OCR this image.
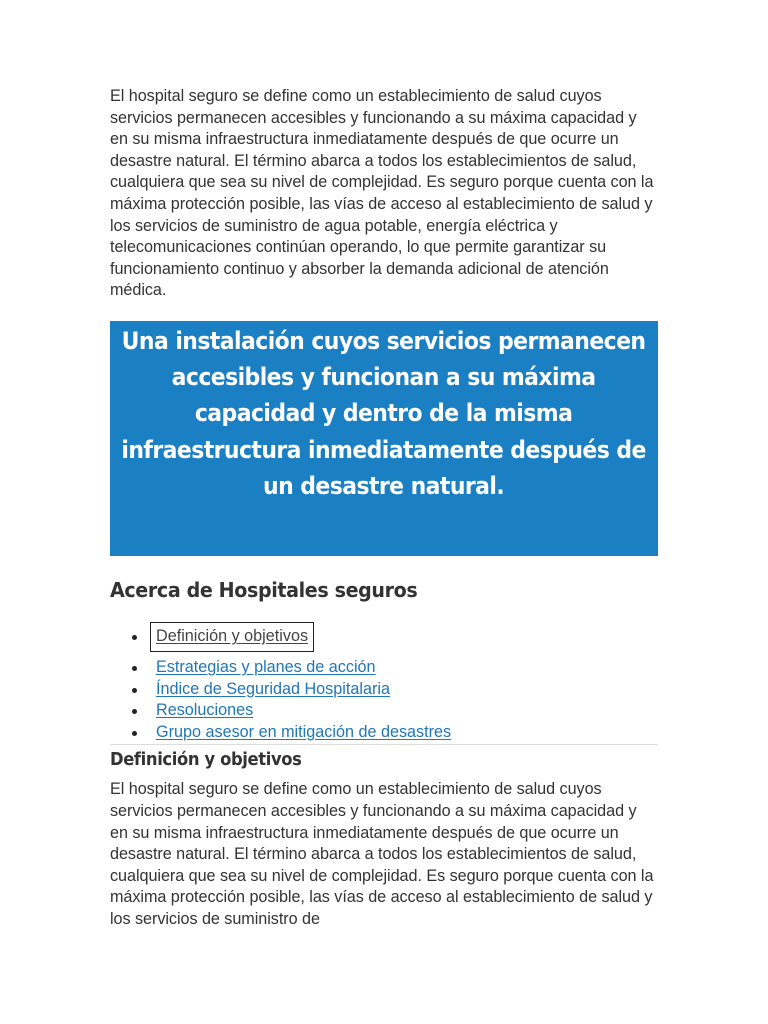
El hospital seguro se define como un establecimiento de salud cuyos servicios permanecen accesibles y funcionando a su máxima capacidad y en su misma infraestructura inmediatamente después de que ocurre un desastre natural. El término abarca a todos los establecimientos de salud, cualquiera que sea su nivel de complejidad. Es seguro porque cuenta con la máxima protección posible, las vías de acceso al establecimiento de salud y los servicios de suministro de agua potable, energía eléctrica y telecomunicaciones continúan operando, lo que permite garantizar su funcionamiento continuo y absorber la demanda adicional de atención médica.

Una instalación cuyos servicios permanecen accesibles y funcionan a su máxima capacidad y dentro de la misma infraestructura inmediatamente después de un desastre natural.

Acerca de Hospitales seguros
Definición y objetivos
Estrategias y planes de acción
Índice de Seguridad Hospitalaria
Resoluciones
Grupo asesor en mitigación de desastres
Definición y objetivos

El hospital seguro se define como un establecimiento de salud cuyos servicios permanecen accesibles y funcionando a su máxima capacidad y en su misma infraestructura inmediatamente después de que ocurre un desastre natural. El término abarca a todos los establecimientos de salud, cualquiera que sea su nivel de complejidad. Es seguro porque cuenta con la máxima protección posible, las vías de acceso al establecimiento de salud y los servicios de suministro de
